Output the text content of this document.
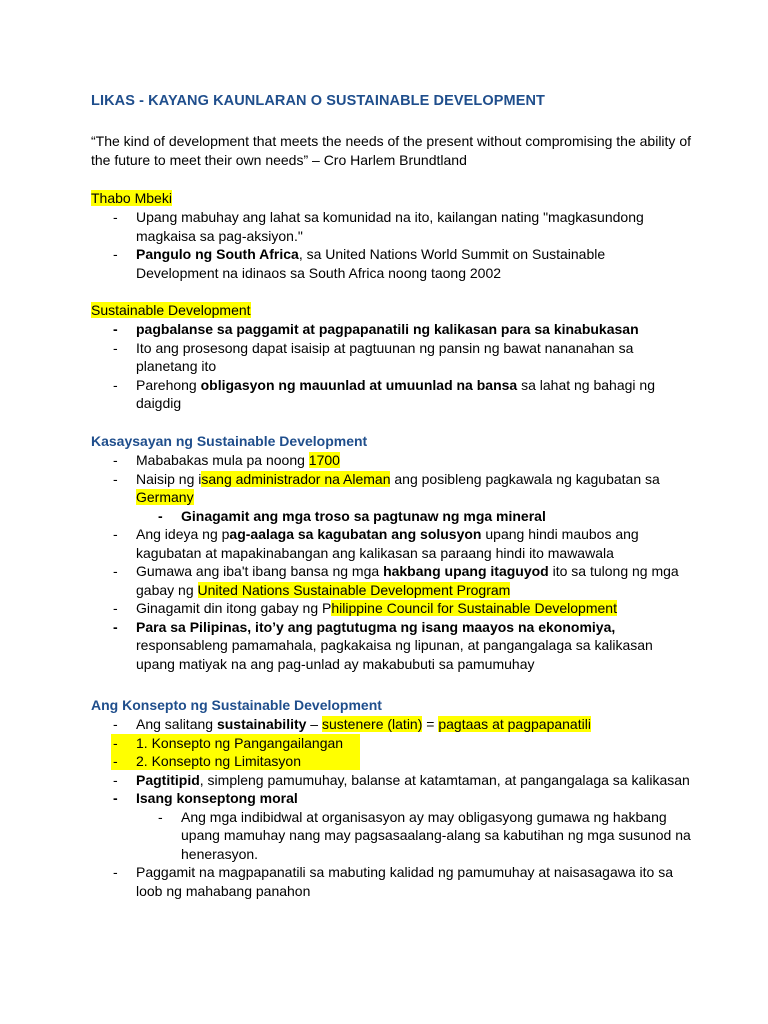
LIKAS - KAYANG KAUNLARAN O SUSTAINABLE DEVELOPMENT
“The kind of development that meets the needs of the present without compromising the ability of the future to meet their own needs” – Cro Harlem Brundtland
Thabo Mbeki
- Upang mabuhay ang lahat sa komunidad na ito, kailangan nating "magkasundong magkaisa sa pag-aksiyon."
- Pangulo ng South Africa, sa United Nations World Summit on Sustainable Development na idinaos sa South Africa noong taong 2002
Sustainable Development
- pagbalanse sa paggamit at pagpapanatili ng kalikasan para sa kinabukasan
- Ito ang prosesong dapat isaisip at pagtuunan ng pansin ng bawat nananahan sa planetang ito
- Parehong obligasyon ng mauunlad at umuunlad na bansa sa lahat ng bahagi ng daigdig
Kasaysayan ng Sustainable Development
- Mababakas mula pa noong 1700
- Naisip ng isang administrador na Aleman ang posibleng pagkawala ng kagubatan sa Germany
- Ginagamit ang mga troso sa pagtunaw ng mga mineral
- Ang ideya ng pag-aalaga sa kagubatan ang solusyon upang hindi maubos ang kagubatan at mapakinabangan ang kalikasan sa paraang hindi ito mawawala
- Gumawa ang iba't ibang bansa ng mga hakbang upang itaguyod ito sa tulong ng mga gabay ng United Nations Sustainable Development Program
- Ginagamit din itong gabay ng Philippine Council for Sustainable Development
- Para sa Pilipinas, ito’y ang pagtutugma ng isang maayos na ekonomiya, responsableng pamamahala, pagkakaisa ng lipunan, at pangangalaga sa kalikasan upang matiyak na ang pag-unlad ay makabubuti sa pamumuhay
Ang Konsepto ng Sustainable Development
- Ang salitang sustainability – sustenere (latin) = pagtaas at pagpapanatili
- 1. Konsepto ng Pangangailangan
- 2. Konsepto ng Limitasyon
- Pagtitipid, simpleng pamumuhay, balanse at katamtaman, at pangangalaga sa kalikasan
- Isang konseptong moral
- Ang mga indibidwal at organisasyon ay may obligasyong gumawa ng hakbang upang mamuhay nang may pagsasaalang-alang sa kabutihan ng mga susunod na henerasyon.
- Paggamit na magpapanatili sa mabuting kalidad ng pamumuhay at naisasagawa ito sa loob ng mahabang panahon
